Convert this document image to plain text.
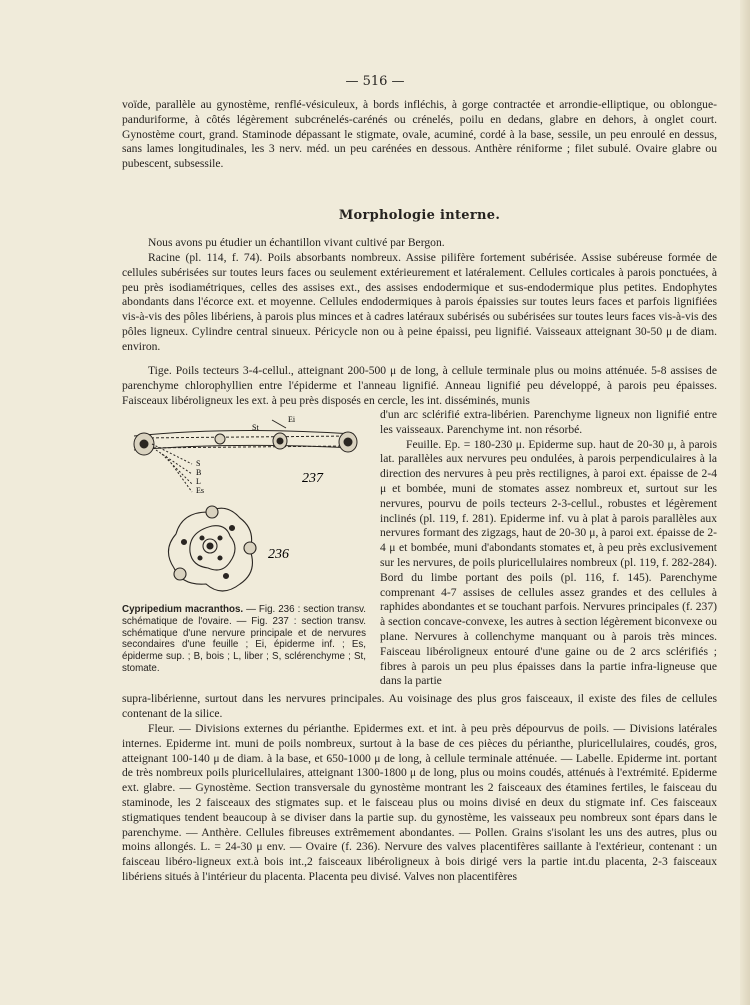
— 516 —

voïde, parallèle au gynostème, renflé-vésiculeux, à bords infléchis, à gorge contractée et arrondie-elliptique, ou oblongue-panduriforme, à côtés légèrement subcrénelés-carénés ou crénelés, poilu en dedans, glabre en dehors, à onglet court. Gynostème court, grand. Staminode dépassant le stigmate, ovale, acuminé, cordé à la base, sessile, un peu enroulé en dessus, sans lames longitudinales, les 3 nerv. méd. un peu carénées en dessous. Anthère réniforme ; filet subulé. Ovaire glabre ou pubescent, subsessile.

Morphologie interne.

Nous avons pu étudier un échantillon vivant cultivé par Bergon.

Racine (pl. 114, f. 74). Poils absorbants nombreux. Assise pilifère fortement subérisée. Assise subéreuse formée de cellules subérisées sur toutes leurs faces ou seulement extérieurement et latéralement. Cellules corticales à parois ponctuées, à peu près isodiamétriques, celles des assises ext., des assises endodermique et sus-endodermique plus petites. Endophytes abondants dans l'écorce ext. et moyenne. Cellules endodermiques à parois épaissies sur toutes leurs faces et parfois lignifiées vis-à-vis des pôles libériens, à parois plus minces et à cadres latéraux subérisés ou subérisées sur toutes leurs faces vis-à-vis des pôles ligneux. Cylindre central sinueux. Péricycle non ou à peine épaissi, peu lignifié. Vaisseaux atteignant 30-50 μ de diam. environ.

Tige. Poils tecteurs 3-4-cellul., atteignant 200-500 μ de long, à cellule terminale plus ou moins atténuée. 5-8 assises de parenchyme chlorophyllien entre l'épiderme et l'anneau lignifié. Anneau lignifié peu développé, à parois peu épaisses. Faisceaux libéroligneux les ext. à peu près disposés en cercle, les int. disséminés, munis

Ei
S
B
L
Es
St
237
236
Cypripedium macranthos. — Fig. 236 : section transv. schématique de l'ovaire. — Fig. 237 : section transv. schématique d'une nervure principale et de nervures secondaires d'une feuille ; Ei, épiderme inf. ; Es, épiderme sup. ; B, bois ; L, liber ; S, sclérenchyme ; St, stomate.
d'un arc sclérifié extra-libérien. Parenchyme ligneux non lignifié entre les vaisseaux. Parenchyme int. non résorbé.
Feuille. Ep. = 180-230 μ. Epiderme sup. haut de 20-30 μ, à parois lat. parallèles aux nervures peu ondulées, à parois perpendiculaires à la direction des nervures à peu près rectilignes, à paroi ext. épaisse de 2-4 μ et bombée, muni de stomates assez nombreux et, surtout sur les nervures, pourvu de poils tecteurs 2-3-cellul., robustes et légèrement inclinés (pl. 119, f. 281). Epiderme inf. vu à plat à parois parallèles aux nervures formant des zigzags, haut de 20-30 μ, à paroi ext. épaisse de 2-4 μ et bombée, muni d'abondants stomates et, à peu près exclusivement sur les nervures, de poils pluricellulaires nombreux (pl. 119, f. 282-284). Bord du limbe portant des poils (pl. 116, f. 145). Parenchyme comprenant 4-7 assises de cellules assez grandes et des cellules à raphides abondantes et se touchant parfois. Nervures principales (f. 237) à section concave-convexe, les autres à section légèrement biconvexe ou plane. Nervures à collenchyme manquant ou à parois très minces. Faisceau libéroligneux entouré d'une gaine ou de 2 arcs sclérifiés ; fibres à parois un peu plus épaisses dans la partie infra-ligneuse que dans la partie

supra-libérienne, surtout dans les nervures principales. Au voisinage des plus gros faisceaux, il existe des files de cellules contenant de la silice.

Fleur. — Divisions externes du périanthe. Epidermes ext. et int. à peu près dépourvus de poils. — Divisions latérales internes. Epiderme int. muni de poils nombreux, surtout à la base de ces pièces du périanthe, pluricellulaires, coudés, gros, atteignant 100-140 μ de diam. à la base, et 650-1000 μ de long, à cellule terminale atténuée. — Labelle. Epiderme int. portant de très nombreux poils pluricellulaires, atteignant 1300-1800 μ de long, plus ou moins coudés, atténués à l'extrémité. Epiderme ext. glabre. — Gynostème. Section transversale du gynostème montrant les 2 faisceaux des étamines fertiles, le faisceau du staminode, les 2 faisceaux des stigmates sup. et le faisceau plus ou moins divisé en deux du stigmate inf. Ces faisceaux stigmatiques tendent beaucoup à se diviser dans la partie sup. du gynostème, les vaisseaux peu nombreux sont épars dans le parenchyme. — Anthère. Cellules fibreuses extrêmement abondantes. — Pollen. Grains s'isolant les uns des autres, plus ou moins allongés. L. = 24-30 μ env. — Ovaire (f. 236). Nervure des valves placentifères saillante à l'extérieur, contenant : un faisceau libéro-ligneux ext.à bois int.,2 faisceaux libéroligneux à bois dirigé vers la partie int.du placenta, 2-3 faisceaux libériens situés à l'intérieur du placenta. Placenta peu divisé. Valves non placentifères
